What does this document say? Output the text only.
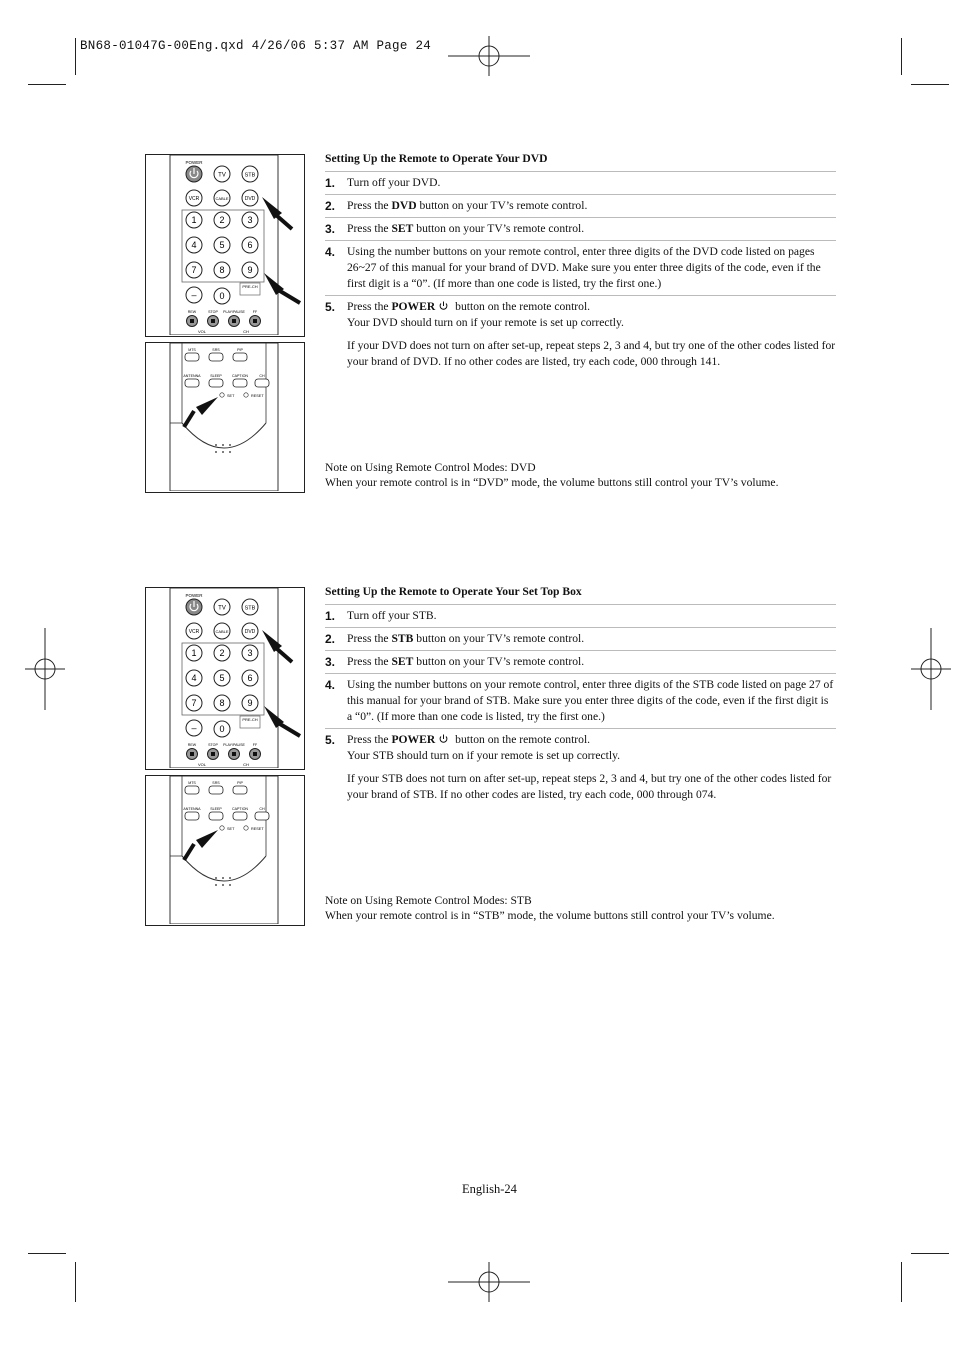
BN68-01047G-00Eng.qxd 4/26/06 5:37 AM Page 24
POWER
TV	STB
VCR	CABLE	DVD
1	2	3
4	5	6
7	8	9
–	0
PRE-CH
REW	STOP PLAY/PAUSE FF
VOL	CH
MTS	SRS	PIP
ANTENNA	SLEEP	CAPTION	CH
SET	RESET
POWER
TV	STB
VCR	CABLE	DVD
1	2	3
4	5	6
7	8	9
–	0
PRE-CH
REW	STOP PLAY/PAUSE FF
VOL	CH
MTS	SRS	PIP
ANTENNA	SLEEP	CAPTION	CH
SET	RESET
Setting Up the Remote to Operate Your DVD
1.	Turn off your DVD.

2.	Press the DVD button on your TV’s remote control.

3.	Press the SET button on your TV’s remote control.

4.	Using the number buttons on your remote control, enter three digits of the DVD code listed on pages 26~27 of this manual for your brand of DVD. Make sure you enter three digits of the code, even if the first digit is a “0”. (If more than one code is listed, try the first one.)

5.	Press the POWER button on the remote control.

Your DVD should turn on if your remote is set up correctly.

If your DVD does not turn on after set-up, repeat steps 2, 3 and 4, but try one of the other codes listed for your brand of DVD. If no other codes are listed, try each code, 000 through 141.

Note on Using Remote Control Modes: DVD
When your remote control is in “DVD” mode, the volume buttons still control your TV’s volume.
Setting Up the Remote to Operate Your Set Top Box
1.	Turn off your STB.

2.	Press the STB button on your TV’s remote control.

3.	Press the SET button on your TV’s remote control.

4.	Using the number buttons on your remote control, enter three digits of the STB code listed on page 27 of this manual for your brand of STB. Make sure you enter three digits of the code, even if the first digit is a “0”. (If more than one code is listed, try the first one.)

5.	Press the POWER button on the remote control.

Your STB should turn on if your remote is set up correctly.

If your STB does not turn on after set-up, repeat steps 2, 3 and 4, but try one of the other codes listed for your brand of STB. If no other codes are listed, try each code, 000 through 074.

Note on Using Remote Control Modes: STB
When your remote control is in “STB” mode, the volume buttons still control your TV’s volume.
English-24
